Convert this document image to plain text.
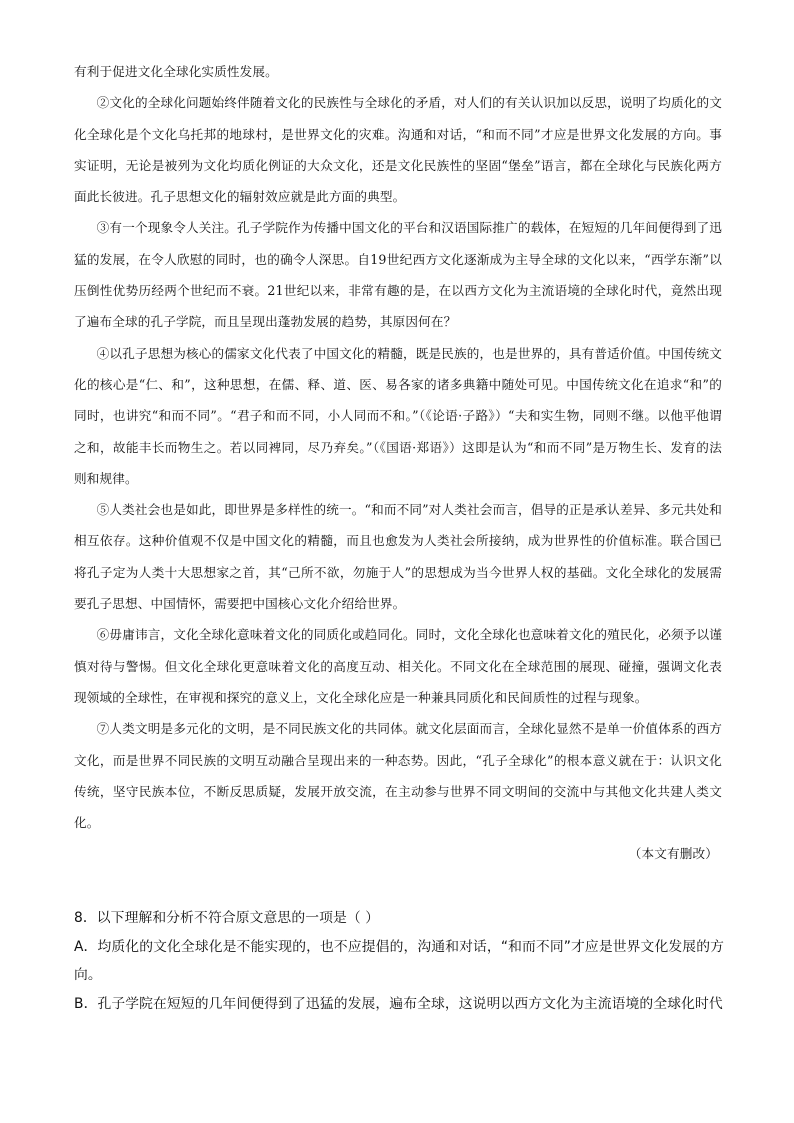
有利于促进文化全球化实质性发展。

②文化的全球化问题始终伴随着文化的民族性与全球化的矛盾，对人们的有关认识加以反思，说明了均质化的文化全球化是个文化乌托邦的地球村，是世界文化的灾难。沟通和对话，“和而不同”才应是世界文化发展的方向。事实证明，无论是被列为文化均质化例证的大众文化，还是文化民族性的坚固“堡垒”语言，都在全球化与民族化两方面此长彼进。孔子思想文化的辐射效应就是此方面的典型。

③有一个现象令人关注。孔子学院作为传播中国文化的平台和汉语国际推广的载体，在短短的几年间便得到了迅猛的发展，在令人欣慰的同时，也的确令人深思。自19世纪西方文化逐渐成为主导全球的文化以来，“西学东渐”以压倒性优势历经两个世纪而不衰。21世纪以来，非常有趣的是，在以西方文化为主流语境的全球化时代，竟然出现了遍布全球的孔子学院，而且呈现出蓬勃发展的趋势，其原因何在？

④以孔子思想为核心的儒家文化代表了中国文化的精髓，既是民族的，也是世界的，具有普适价值。中国传统文化的核心是“仁、和”，这种思想，在儒、释、道、医、易各家的诸多典籍中随处可见。中国传统文化在追求“和”的同时，也讲究“和而不同”。“君子和而不同，小人同而不和。”（《论语·子路》）“夫和实生物，同则不继。以他平他谓之和，故能丰长而物生之。若以同裨同，尽乃弃矣。”（《国语·郑语》）这即是认为“和而不同”是万物生长、发育的法则和规律。

⑤人类社会也是如此，即世界是多样性的统一。“和而不同”对人类社会而言，倡导的正是承认差异、多元共处和相互依存。这种价值观不仅是中国文化的精髓，而且也愈发为人类社会所接纳，成为世界性的价值标准。联合国已将孔子定为人类十大思想家之首，其“己所不欲，勿施于人”的思想成为当今世界人权的基础。文化全球化的发展需要孔子思想、中国情怀，需要把中国核心文化介绍给世界。

⑥毋庸讳言，文化全球化意味着文化的同质化或趋同化。同时，文化全球化也意味着文化的殖民化，必须予以谨慎对待与警惕。但文化全球化更意味着文化的高度互动、相关化。不同文化在全球范围的展现、碰撞，强调文化表现领域的全球性，在审视和探究的意义上，文化全球化应是一种兼具同质化和民间质性的过程与现象。

⑦人类文明是多元化的文明，是不同民族文化的共同体。就文化层面而言，全球化显然不是单一价值体系的西方文化，而是世界不同民族的文明互动融合呈现出来的一种态势。因此，“孔子全球化”的根本意义就在于：认识文化传统，坚守民族本位，不断反思质疑，发展开放交流，在主动参与世界不同文明间的交流中与其他文化共建人类文化。

（本文有删改）

8．以下理解和分析不符合原文意思的一项是（ ）

A．均质化的文化全球化是不能实现的，也不应提倡的，沟通和对话，“和而不同”才应是世界文化发展的方向。

B．孔子学院在短短的几年间便得到了迅猛的发展，遍布全球，这说明以西方文化为主流语境的全球化时代
